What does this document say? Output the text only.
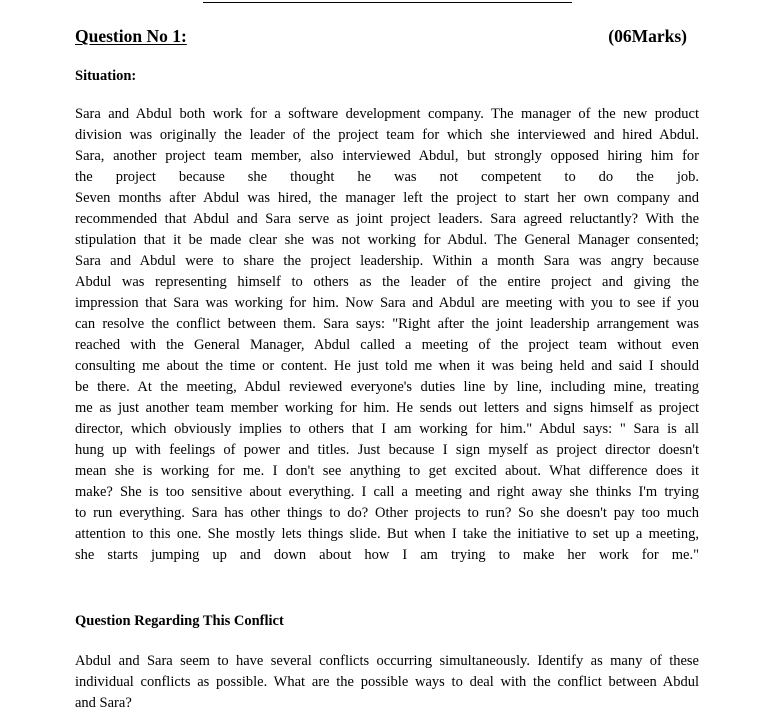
Question No 1:	(06Marks)
Situation:
Sara and Abdul both work for a software development company. The manager of the new product
division was originally the leader of the project team for which she interviewed and hired Abdul.
Sara, another project team member, also interviewed Abdul, but strongly opposed hiring him for
the project because she thought he was not competent to do the job.
Seven months after Abdul was hired, the manager left the project to start her own company and
recommended that Abdul and Sara serve as joint project leaders. Sara agreed reluctantly? With the
stipulation that it be made clear she was not working for Abdul. The General Manager consented;
Sara and Abdul were to share the project leadership. Within a month Sara was angry because
Abdul was representing himself to others as the leader of the entire project and giving the
impression that Sara was working for him. Now Sara and Abdul are meeting with you to see if you
can resolve the conflict between them. Sara says: "Right after the joint leadership arrangement was
reached with the General Manager, Abdul called a meeting of the project team without even
consulting me about the time or content. He just told me when it was being held and said I should
be there. At the meeting, Abdul reviewed everyone's duties line by line, including mine, treating
me as just another team member working for him. He sends out letters and signs himself as project
director, which obviously implies to others that I am working for him." Abdul says: " Sara is all
hung up with feelings of power and titles. Just because I sign myself as project director doesn't
mean she is working for me. I don't see anything to get excited about. What difference does it
make? She is too sensitive about everything. I call a meeting and right away she thinks I'm trying
to run everything. Sara has other things to do? Other projects to run? So she doesn't pay too much
attention to this one. She mostly lets things slide. But when I take the initiative to set up a meeting,
she starts jumping up and down about how I am trying to make her work for me."
Question Regarding This Conflict
Abdul and Sara seem to have several conflicts occurring simultaneously. Identify as many of these
individual conflicts as possible. What are the possible ways to deal with the conflict between Abdul
and Sara?
